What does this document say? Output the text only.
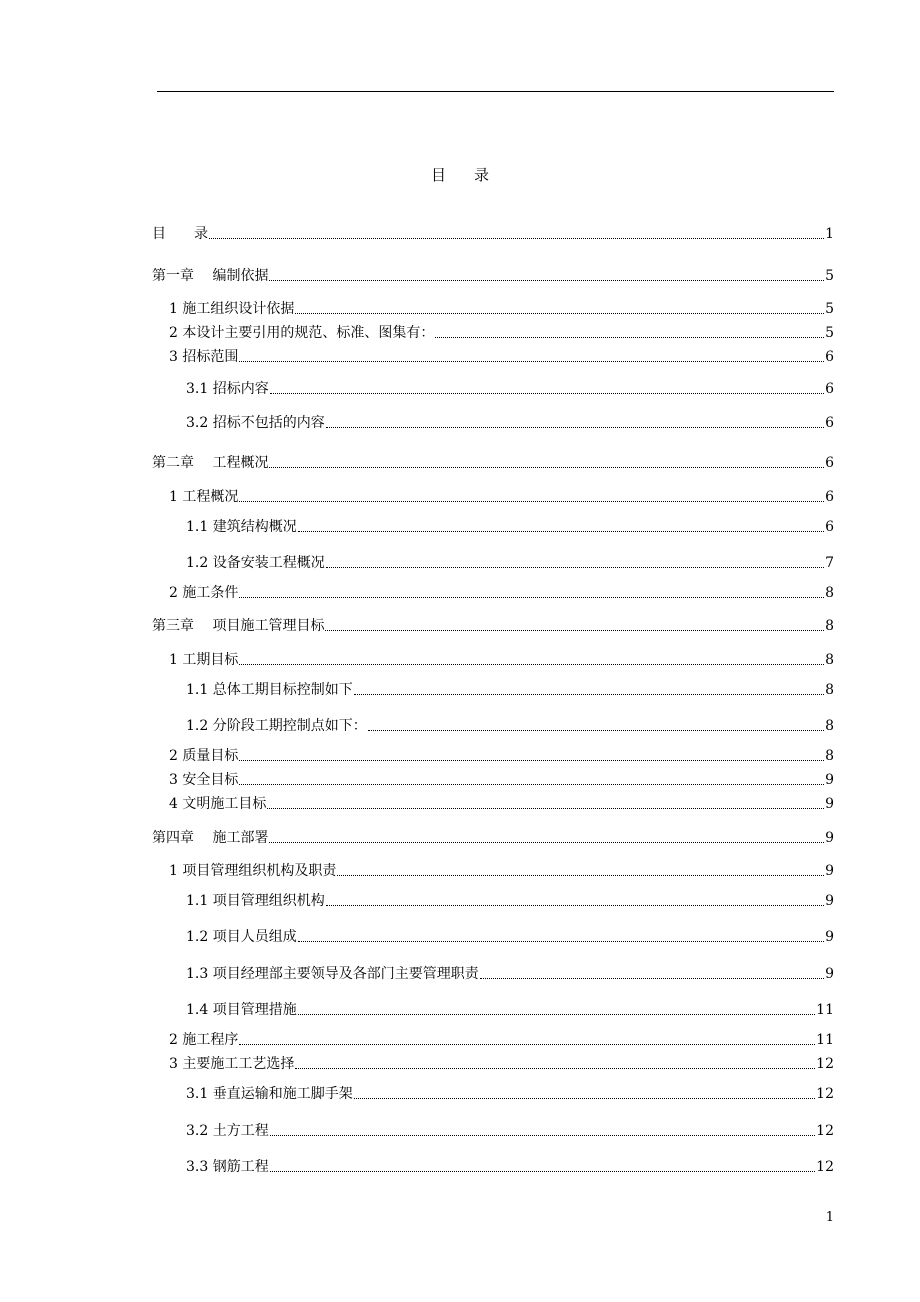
目 录
目　　录	1
第一章　 编制依据	5
1 施工组织设计依据	5
2 本设计主要引用的规范、标准、图集有：	5
3 招标范围	6
3.1 招标内容	6
3.2 招标不包括的内容	6
第二章　 工程概况	6
1 工程概况	6
1.1 建筑结构概况	6
1.2 设备安装工程概况	7
2 施工条件	8
第三章　 项目施工管理目标	8
1 工期目标	8
1.1 总体工期目标控制如下	8
1.2 分阶段工期控制点如下：	8
2 质量目标	8
3 安全目标	9
4 文明施工目标	9
第四章　 施工部署	9
1 项目管理组织机构及职责	9
1.1 项目管理组织机构	9
1.2 项目人员组成	9
1.3 项目经理部主要领导及各部门主要管理职责	9
1.4 项目管理措施	11
2 施工程序	11
3 主要施工工艺选择	12
3.1 垂直运输和施工脚手架	12
3.2 土方工程	12
3.3 钢筋工程	12
1
